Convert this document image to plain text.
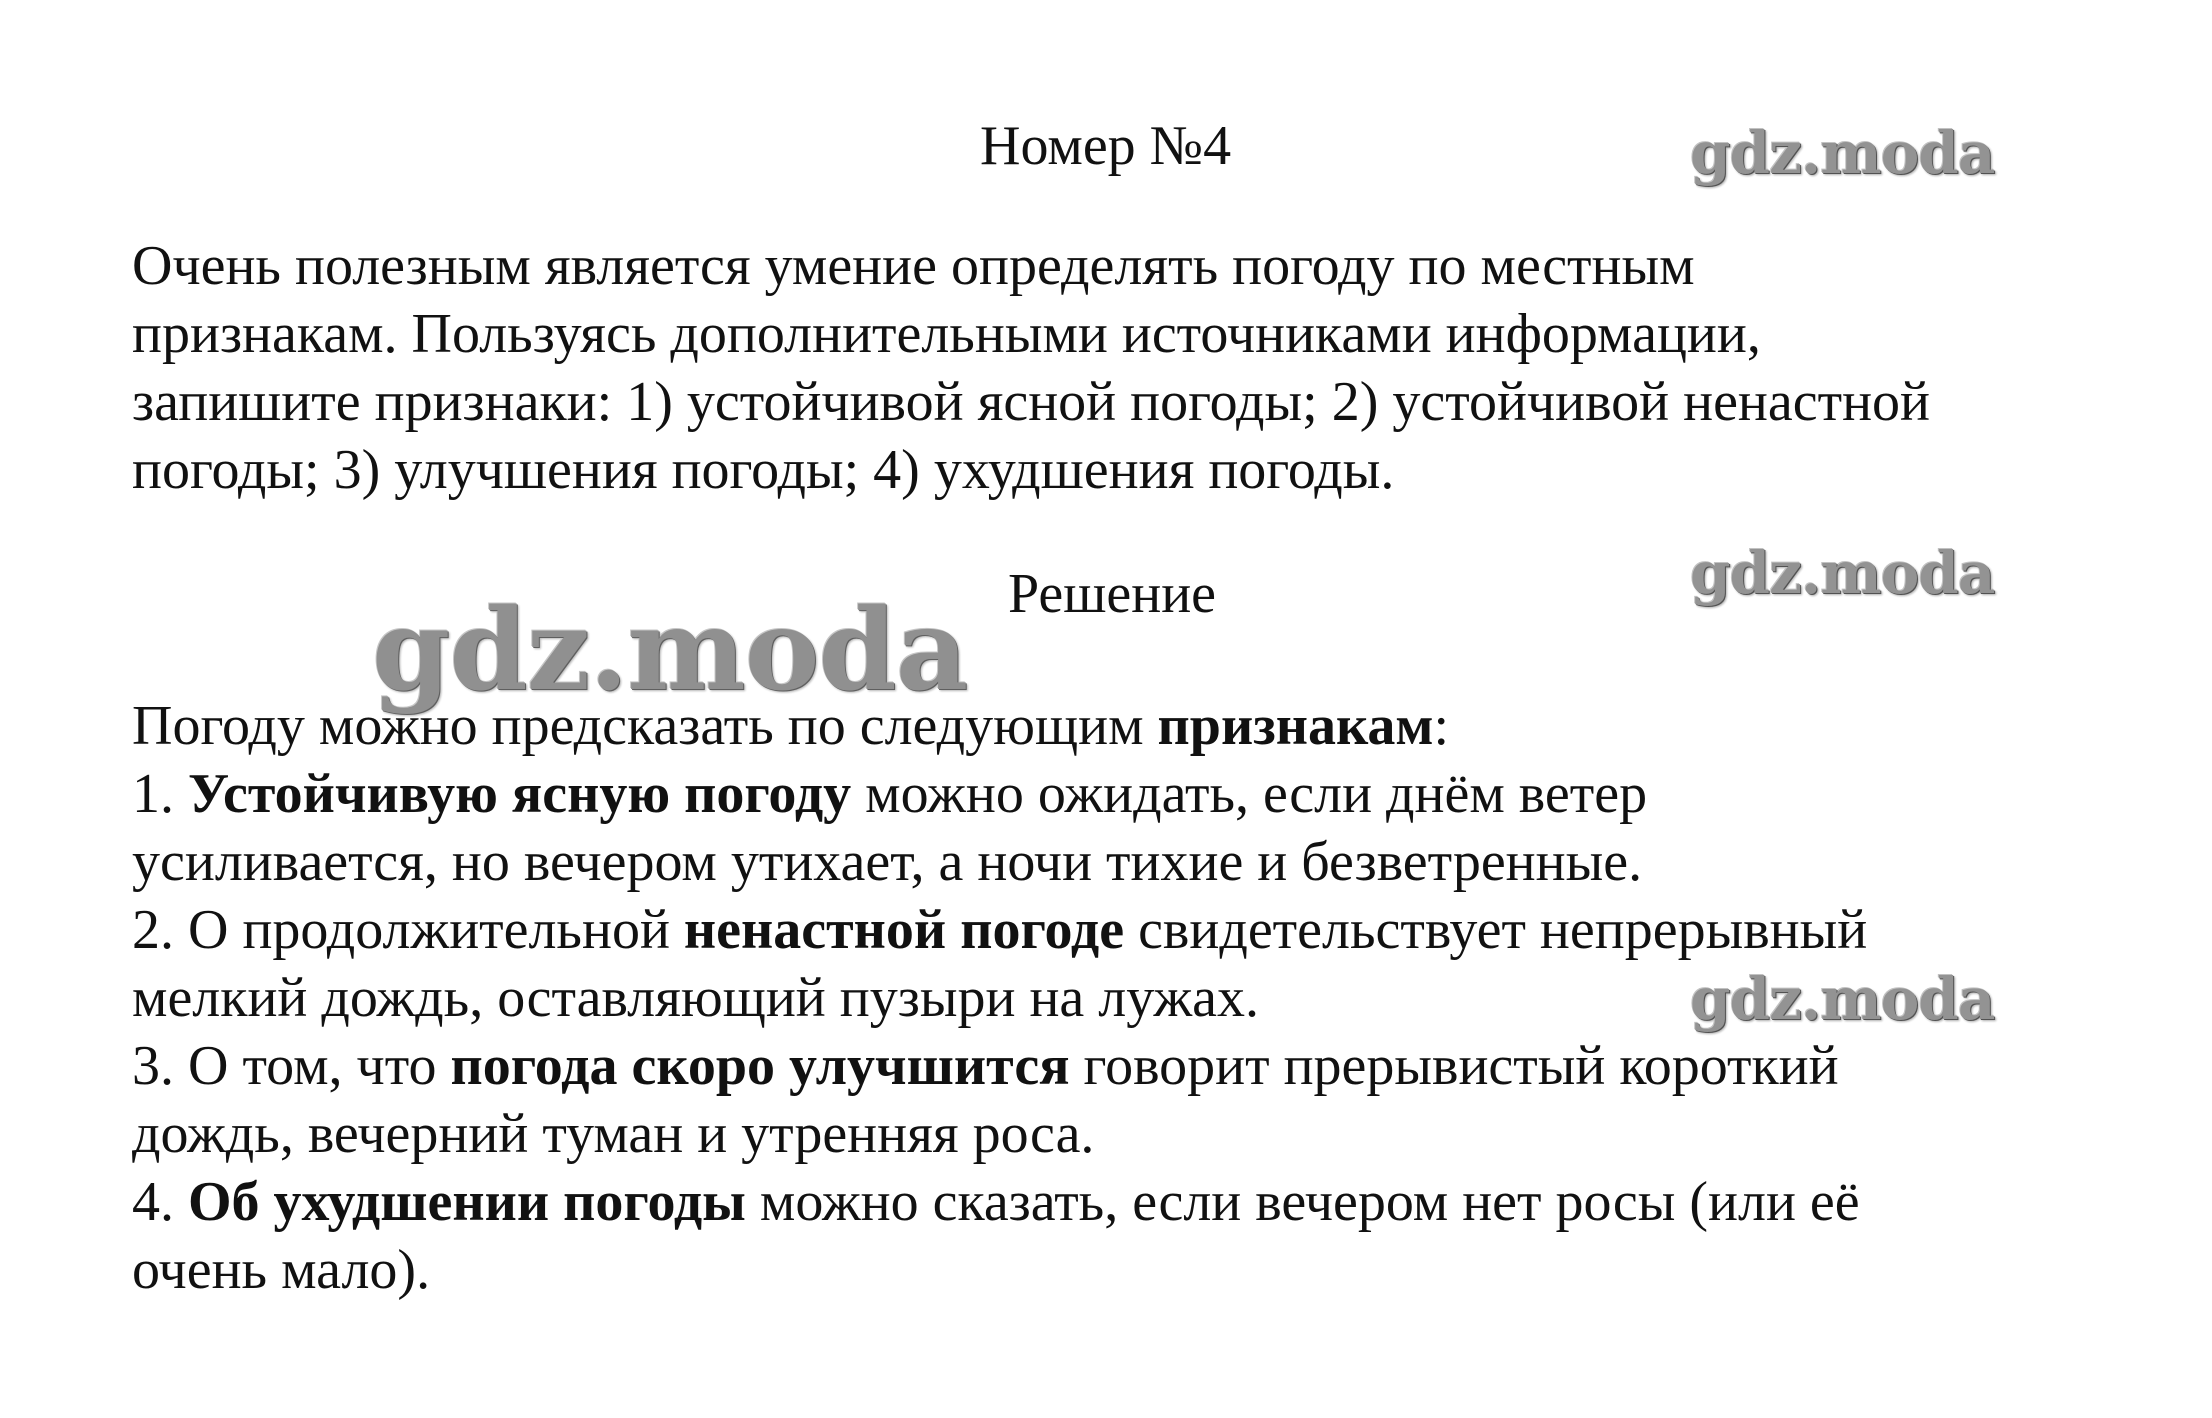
Номер №4	gdz.moda
Очень полезным является умение определять погоду по местным
признакам. Пользуясь дополнительными источниками информации,
запишите признаки: 1) устойчивой ясной погоды; 2) устойчивой ненастной
погоды; 3) улучшения погоды; 4) ухудшения погоды.
gdz.moda
gdz.moda Решение
Погоду можно предсказать по следующим признакам:
1. Устойчивую ясную погоду можно ожидать, если днём ветер
усиливается, но вечером утихает, а ночи тихие и безветренные.
2. О продолжительной ненастной погоде свидетельствует непрерывный
мелкий дождь, оставляющий пузыри на лужах.
3. О том, что погода скоро улучшится говорит прерывистый короткий
дождь, вечерний туман и утренняя роса.
4. Об ухудшении погоды можно сказать, если вечером нет росы (или её
очень мало).
gdz.moda
